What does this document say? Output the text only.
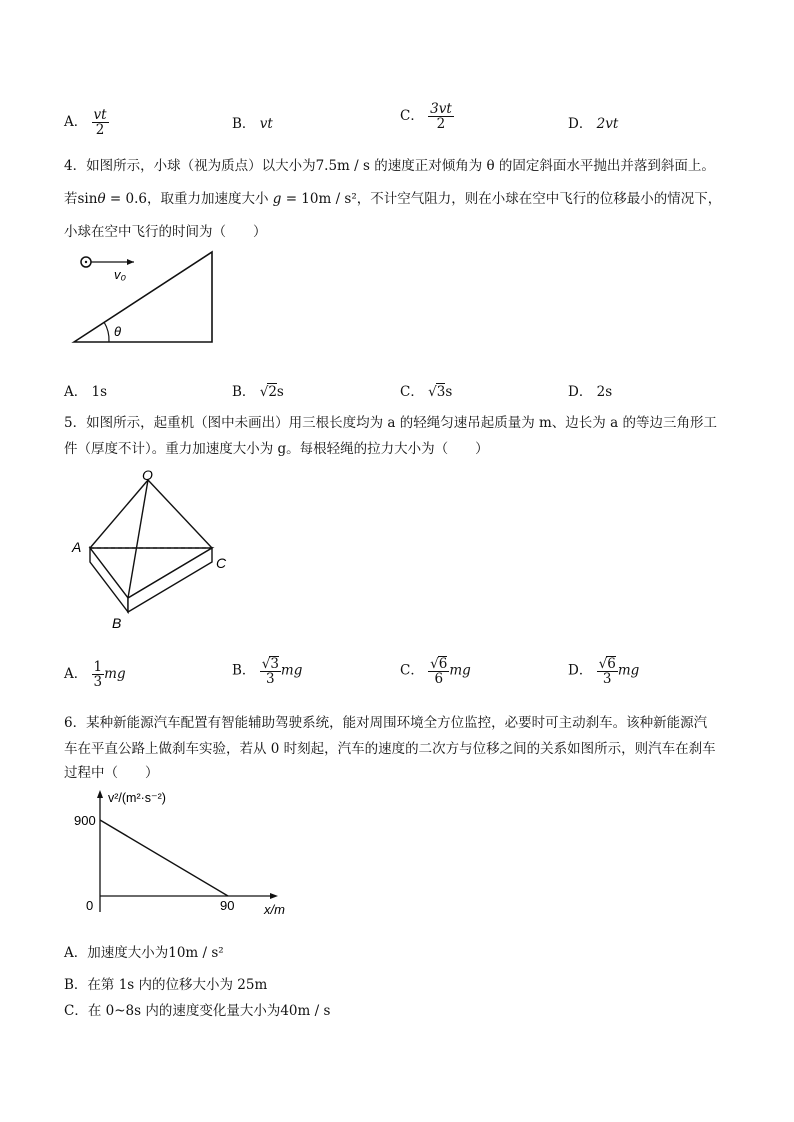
A． $\frac{vt}{2}$	B． vt	C． $\frac{3vt}{2}$	D． 2vt
4．如图所示，小球（视为质点）以大小为7.5m / s 的速度正对倾角为 θ 的固定斜面水平抛出并落到斜面上。
若sinθ = 0.6，取重力加速度大小 g = 10m / s²，不计空气阻力，则在小球在空中飞行的位移最小的情况下，
小球在空中飞行的时间为（　　）
v₀
θ
A． 1s	B． √2s	C． √3s	D． 2s
5．如图所示，起重机（图中未画出）用三根长度均为 a 的轻绳匀速吊起质量为 m、边长为 a 的等边三角形工
件（厚度不计）。重力加速度大小为 g。每根轻绳的拉力大小为（　　）
O
A
C
B
A． $\frac{1}{3}$ mg	B． $\frac{√3}{3}$ mg	C． $\frac{√6}{6}$ mg	D． $\frac{√6}{3}$ mg
6．某种新能源汽车配置有智能辅助驾驶系统，能对周围环境全方位监控，必要时可主动刹车。该种新能源汽
车在平直公路上做刹车实验，若从 0 时刻起，汽车的速度的二次方与位移之间的关系如图所示，则汽车在刹车
过程中（　　）
v²/(m²·s⁻²)
x/m
0
900
90
A．加速度大小为10m / s²
B．在第 1s 内的位移大小为 25m
C．在 0~8s 内的速度变化量大小为40m / s
